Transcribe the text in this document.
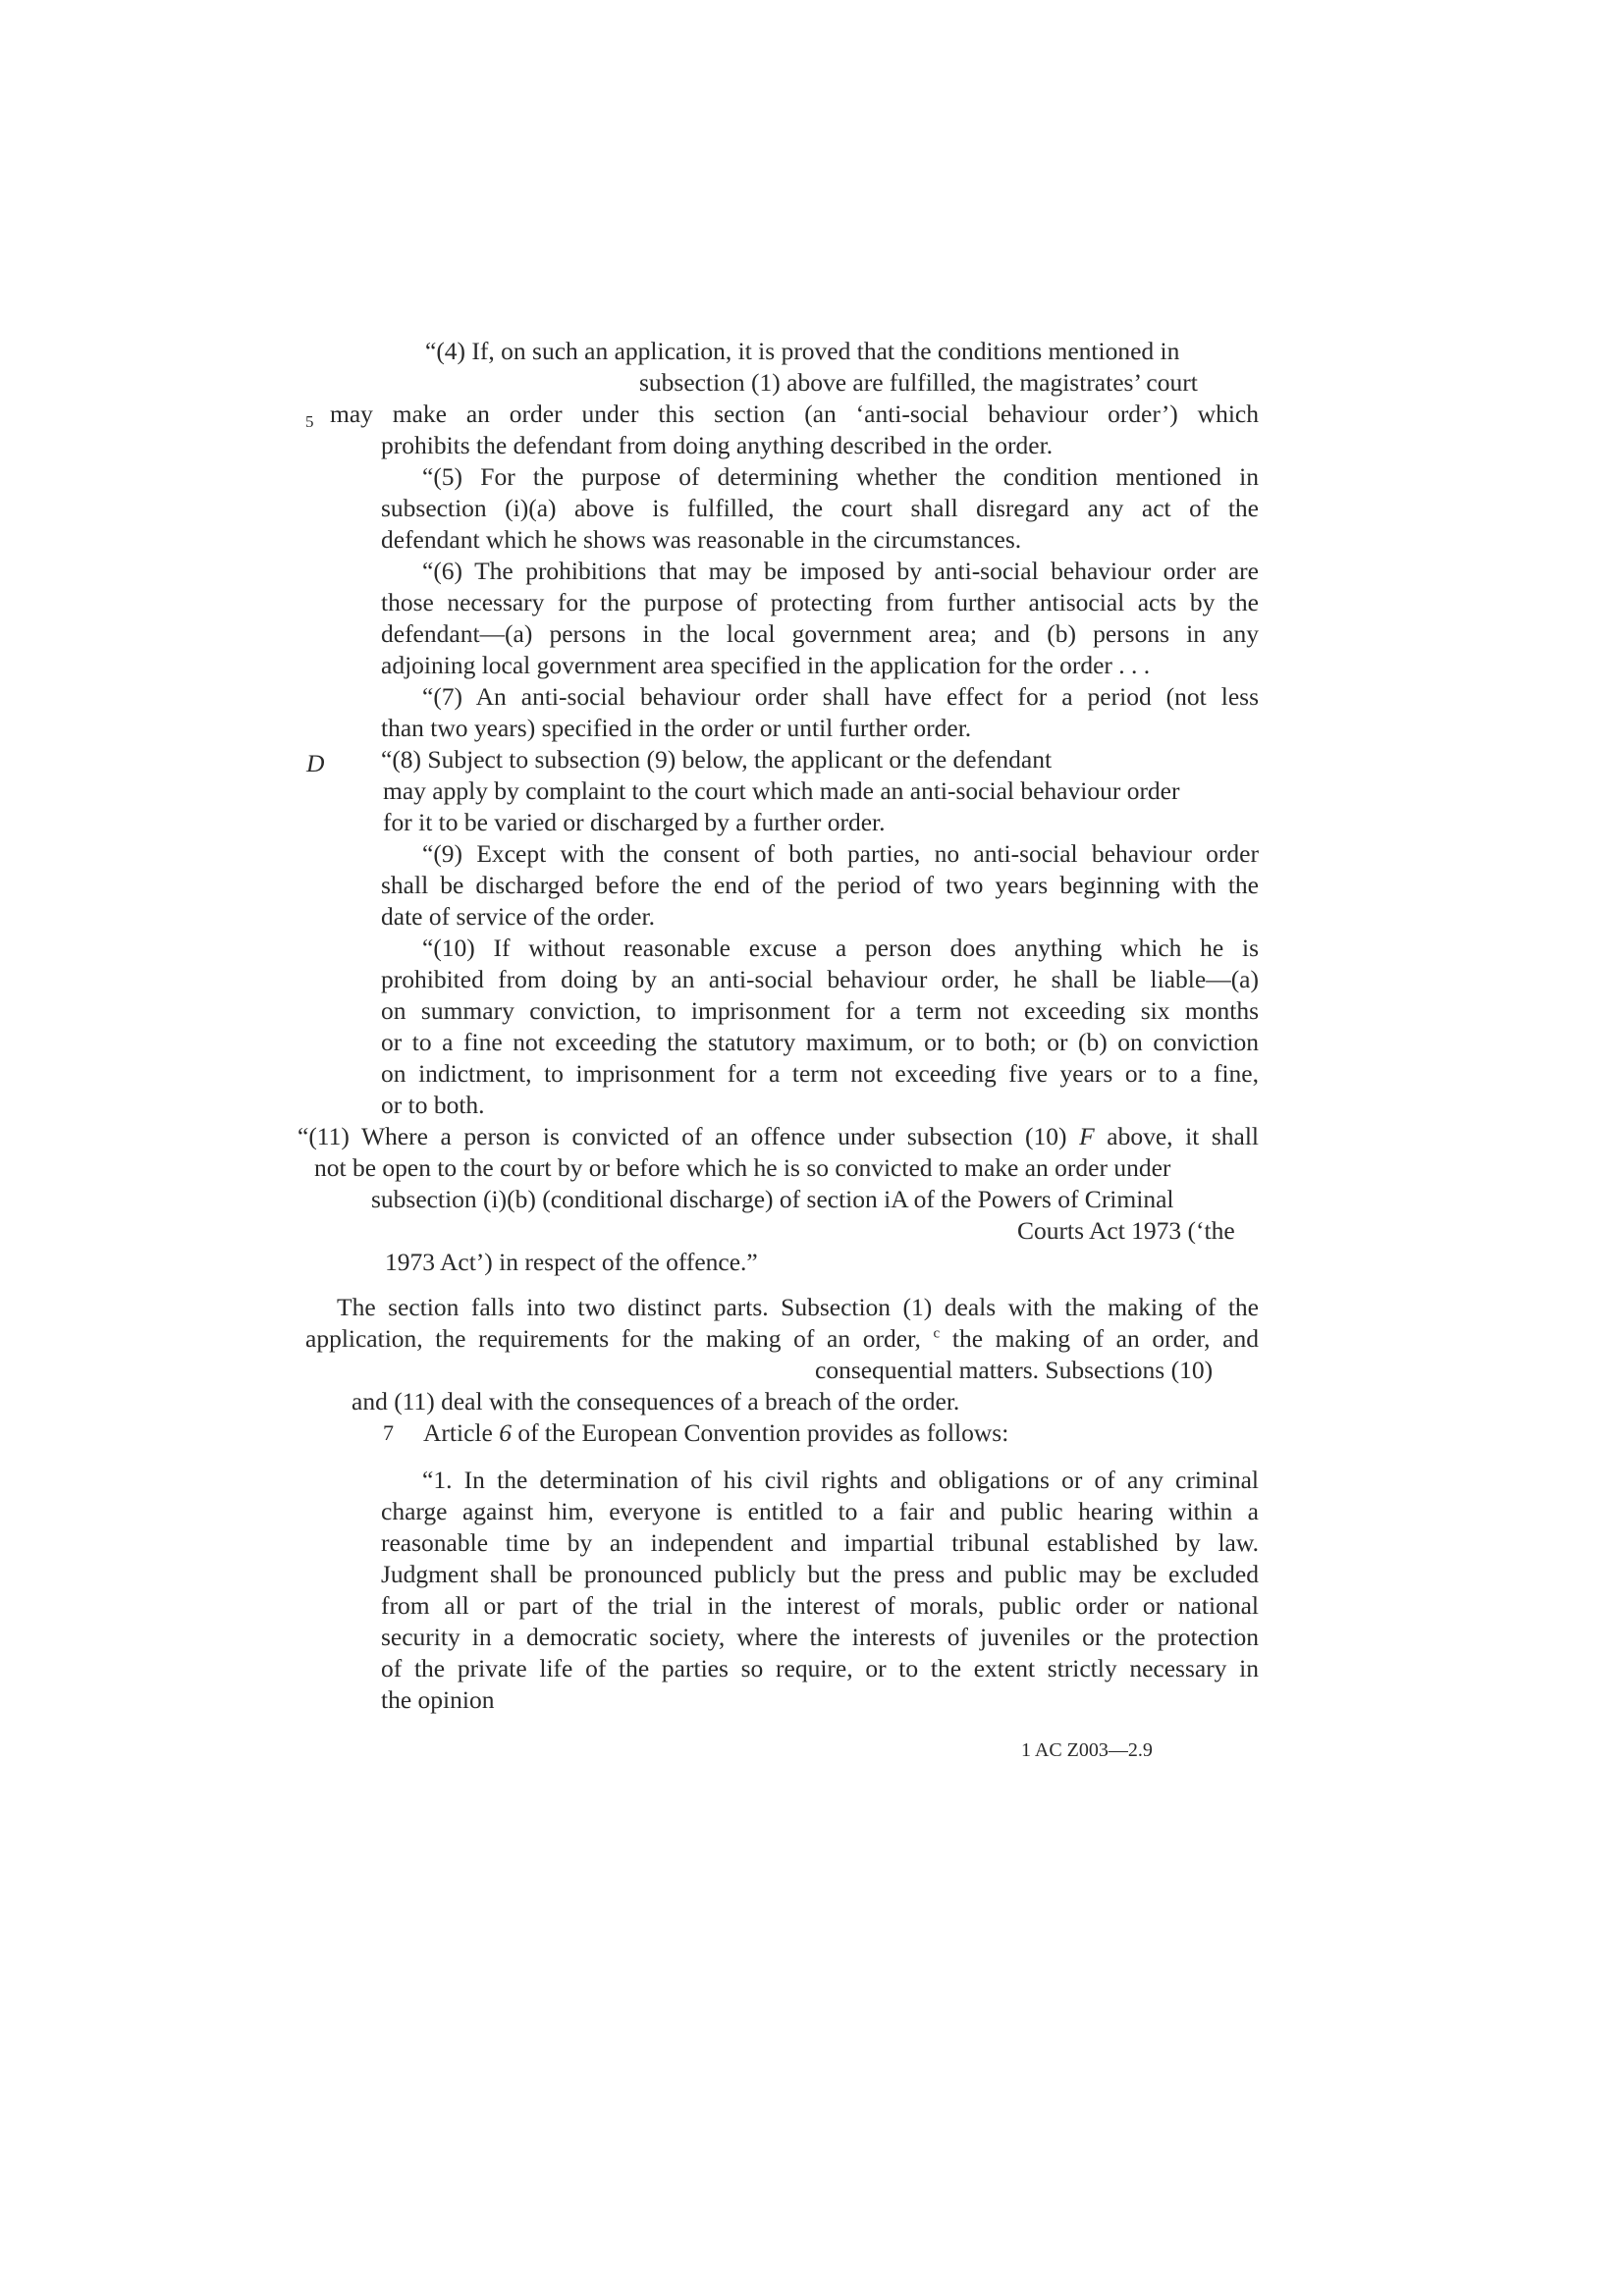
5
D
“(4) If, on such an application, it is proved that the conditions mentioned in
subsection (1) above are fulfilled, the magistrates’ court
may make an order under this section (an ‘anti-social behaviour order’) which
prohibits the defendant from doing anything described in the order.
“(5) For the purpose of determining whether the condition mentioned in
subsection (i)(a) above is fulfilled, the court shall disregard any act of the
defendant which he shows was reasonable in the circumstances.
“(6) The prohibitions that may be imposed by anti-social behaviour order are
those necessary for the purpose of protecting from further antisocial acts by the
defendant—(a) persons in the local government area; and (b) persons in any
adjoining local government area specified in the application for the order . . .
“(7) An anti-social behaviour order shall have effect for a period (not less
than two years) specified in the order or until further order.
“(8) Subject to subsection (9) below, the applicant or the defendant
may apply by complaint to the court which made an anti-social behaviour order
for it to be varied or discharged by a further order.
“(9) Except with the consent of both parties, no anti-social behaviour order
shall be discharged before the end of the period of two years beginning with the
date of service of the order.
“(10) If without reasonable excuse a person does anything which he is
prohibited from doing by an anti-social behaviour order, he shall be liable—(a)
on summary conviction, to imprisonment for a term not exceeding six months
or to a fine not exceeding the statutory maximum, or to both; or (b) on conviction
on indictment, to imprisonment for a term not exceeding five years or to a fine,
or to both.
“(11) Where a person is convicted of an offence under subsection (10) F above, it shall
not be open to the court by or before which he is so convicted to make an order under
subsection (i)(b) (conditional discharge) of section iA of the Powers of Criminal
Courts Act 1973 (‘the
1973 Act’) in respect of the offence.”
The section falls into two distinct parts. Subsection (1) deals with the making of the
application, the requirements for the making of an order, $^c$ the making of an order, and
consequential matters. Subsections (10)
and (11) deal with the consequences of a breach of the order.
7 Article 6 of the European Convention provides as follows:
“1. In the determination of his civil rights and obligations or of any criminal
charge against him, everyone is entitled to a fair and public hearing within a
reasonable time by an independent and impartial tribunal established by law.
Judgment shall be pronounced publicly but the press and public may be excluded
from all or part of the trial in the interest of morals, public order or national
security in a democratic society, where the interests of juveniles or the protection
of the private life of the parties so require, or to the extent strictly necessary in
the opinion
1 AC Z003—2.9
